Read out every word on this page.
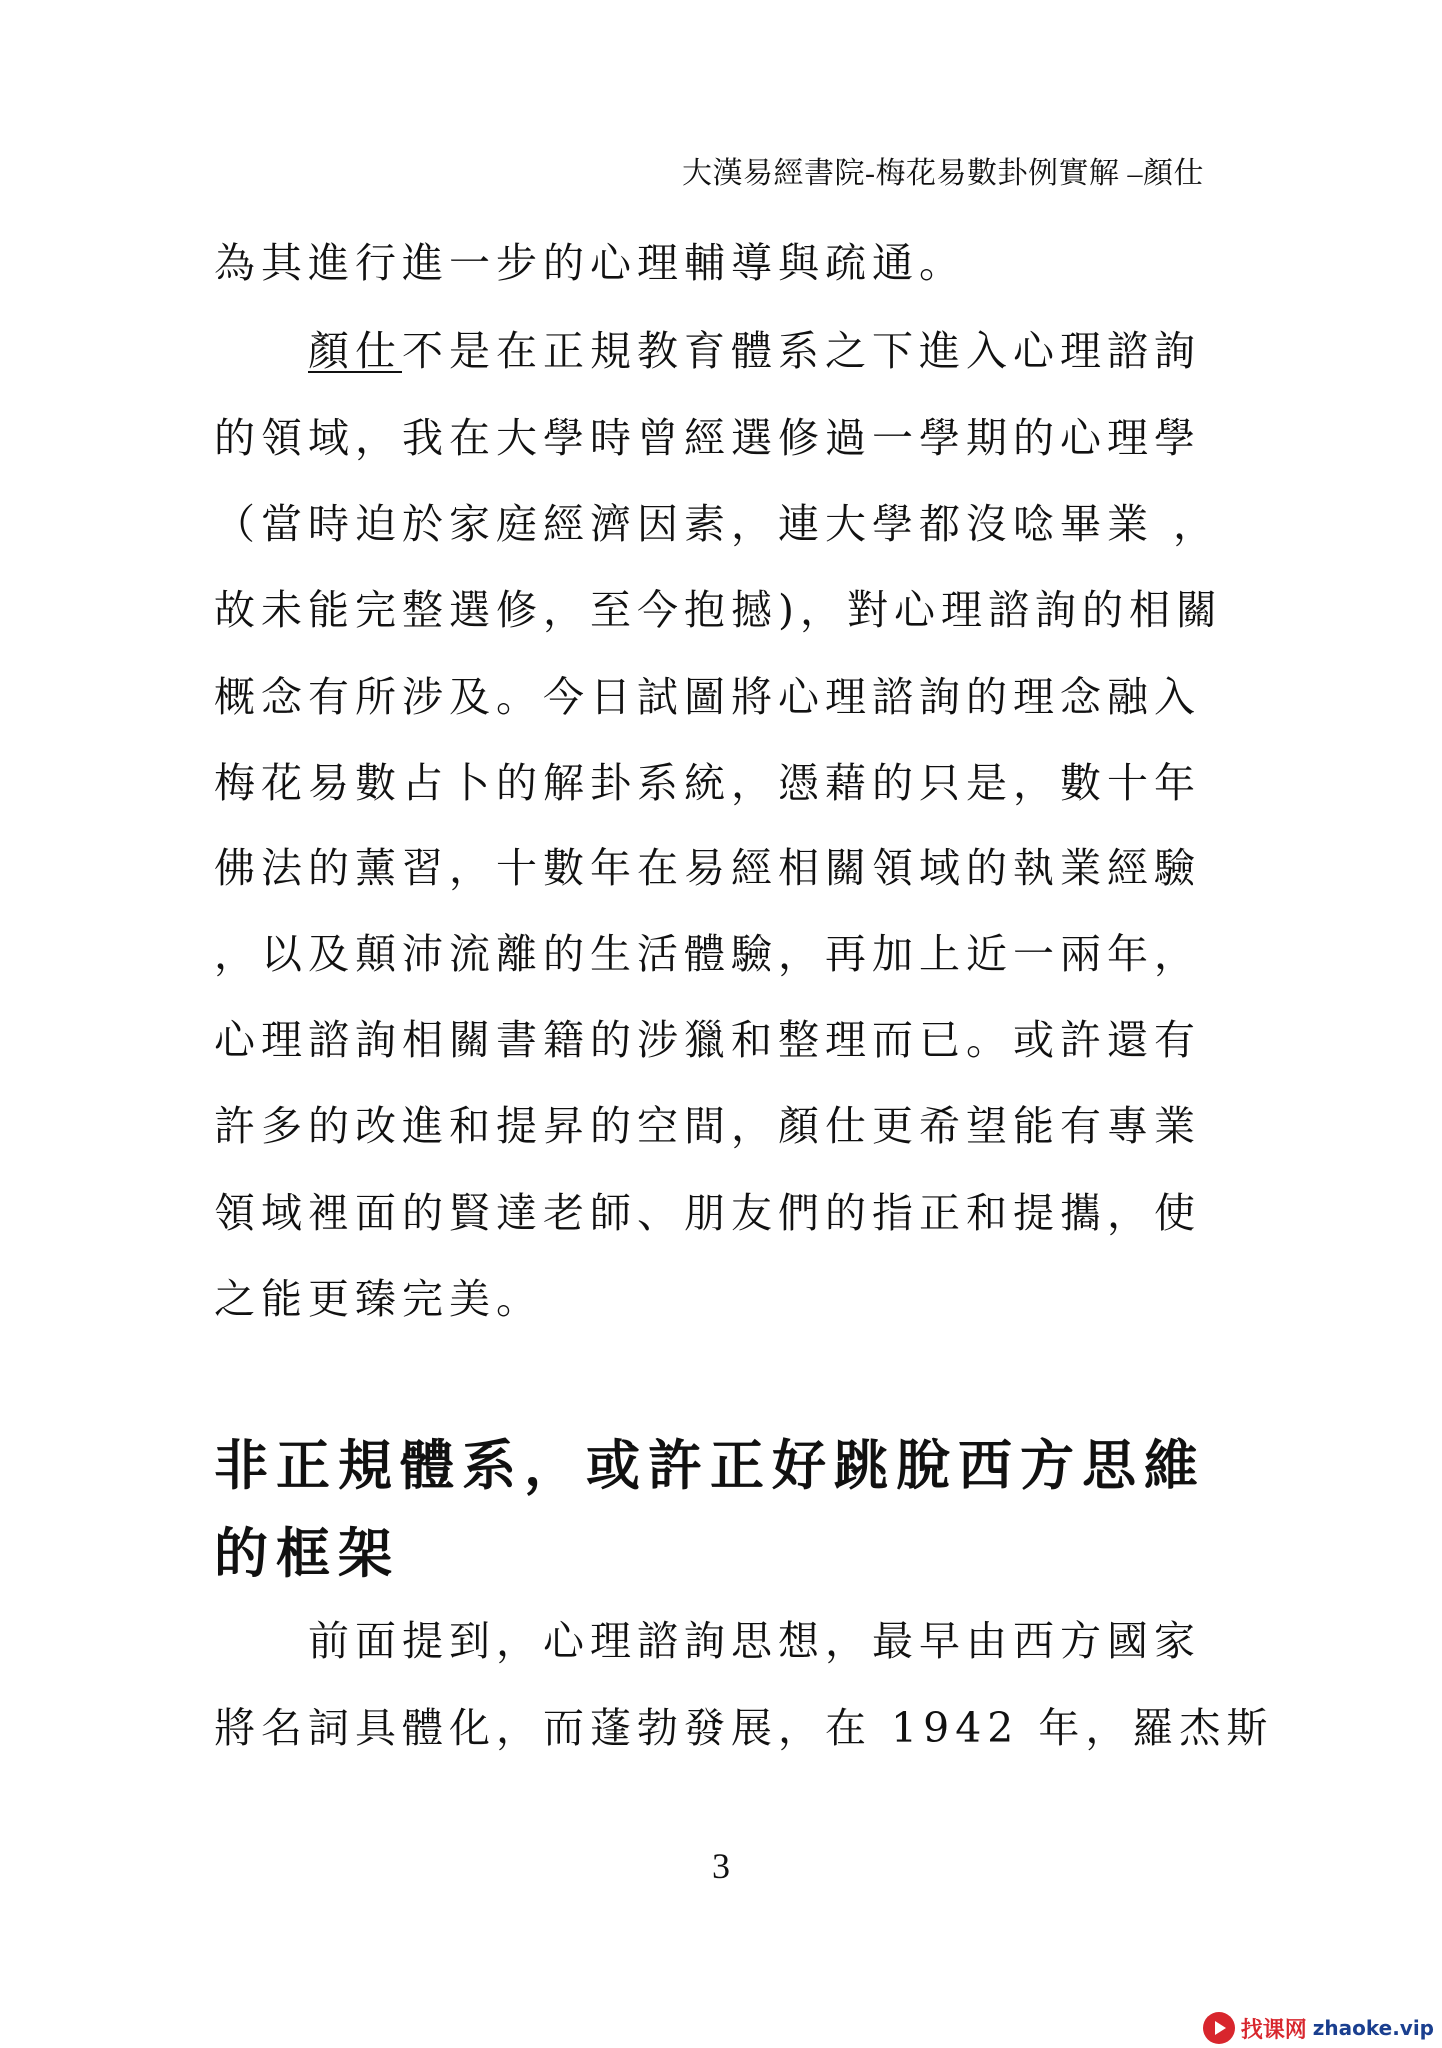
大漢易經書院-梅花易數卦例實解 –顏仕
為其進行進一步的心理輔導與疏通。
顏仕不是在正規教育體系之下進入心理諮詢
的領域，我在大學時曾經選修過一學期的心理學
（當時迫於家庭經濟因素，連大學都沒唸畢業 ，
故未能完整選修，至今抱撼)，對心理諮詢的相關
概念有所涉及。今日試圖將心理諮詢的理念融入
梅花易數占卜的解卦系統，憑藉的只是，數十年
佛法的薰習，十數年在易經相關領域的執業經驗
，以及顛沛流離的生活體驗，再加上近一兩年，
心理諮詢相關書籍的涉獵和整理而已。或許還有
許多的改進和提昇的空間，顏仕更希望能有專業
領域裡面的賢達老師、朋友們的指正和提攜，使
之能更臻完美。
非正規體系，或許正好跳脫西方思維
的框架
前面提到，心理諮詢思想，最早由西方國家
將名詞具體化，而蓬勃發展，在 1942 年，羅杰斯
3
找课网 zhaoke.vip
